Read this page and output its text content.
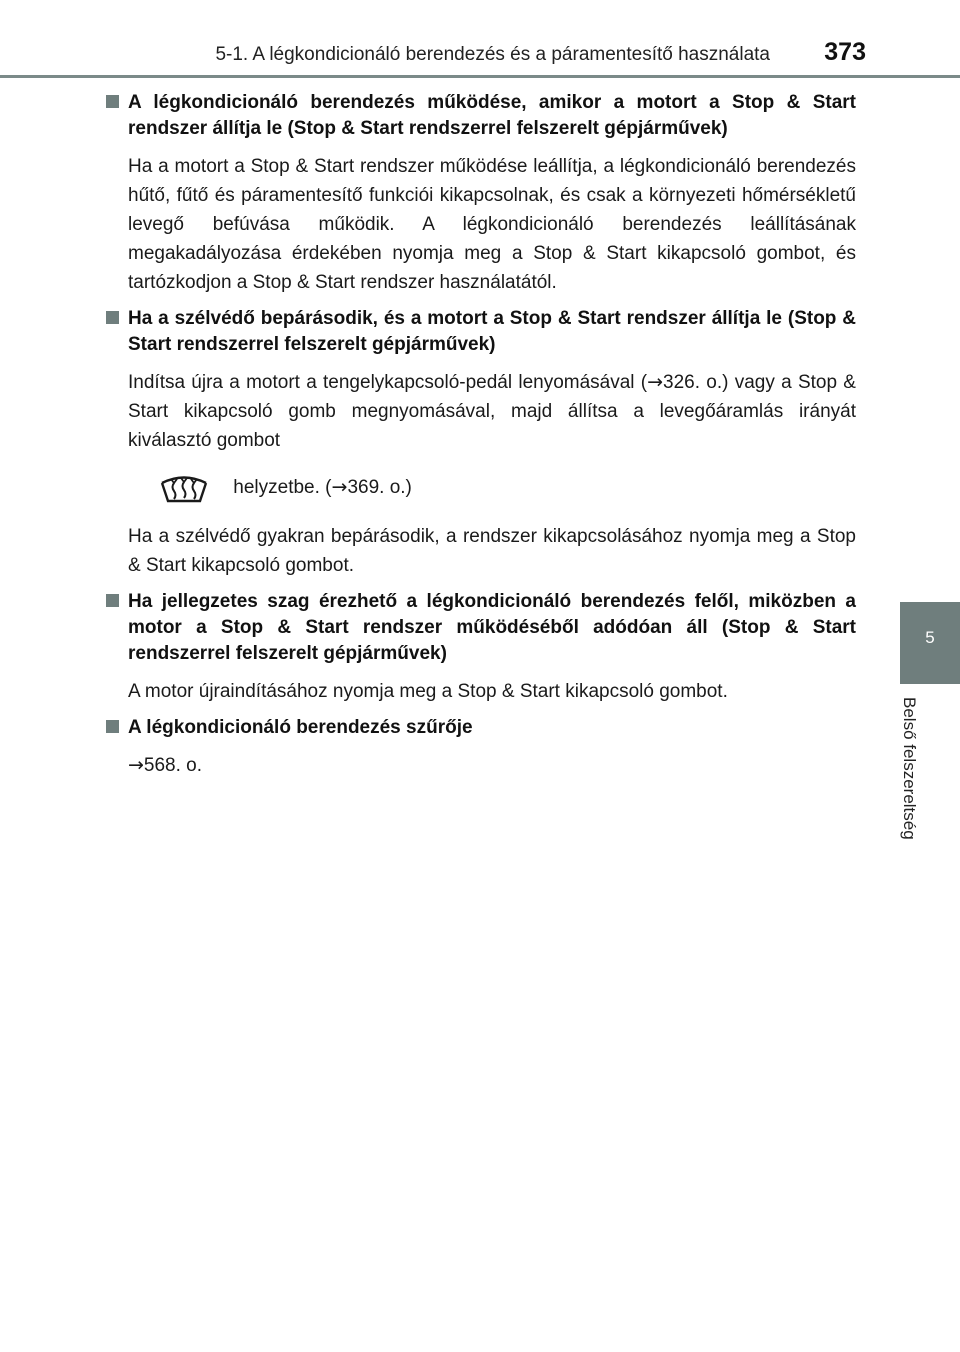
5-1. A légkondicionáló berendezés és a páramentesítő használata 373
5
Belső felszereltség
A légkondicionáló berendezés működése, amikor a motort a Stop & Start rendszer állítja le (Stop & Start rendszerrel felszerelt gépjárművek)
Ha a motort a Stop & Start rendszer működése leállítja, a légkondicionáló berendezés hűtő, fűtő és páramentesítő funkciói kikapcsolnak, és csak a környezeti hőmérsékletű levegő befúvása működik. A légkondicionáló berendezés leállításának megakadályozása érdekében nyomja meg a Stop & Start kikapcsoló gombot, és tartózkodjon a Stop & Start rendszer használatától.
Ha a szélvédő bepárásodik, és a motort a Stop & Start rendszer állítja le (Stop & Start rendszerrel felszerelt gépjárművek)
Indítsa újra a motort a tengelykapcsoló-pedál lenyomásával (→326. o.) vagy a Stop & Start kikapcsoló gomb megnyomásával, majd állítsa a levegőáramlás irányát kiválasztó gombot
helyzetbe. (→369. o.)
Ha a szélvédő gyakran bepárásodik, a rendszer kikapcsolásához nyomja meg a Stop & Start kikapcsoló gombot.
Ha jellegzetes szag érezhető a légkondicionáló berendezés felől, miközben a motor a Stop & Start rendszer működéséből adódóan áll (Stop & Start rendszerrel felszerelt gépjárművek)
A motor újraindításához nyomja meg a Stop & Start kikapcsoló gombot.
A légkondicionáló berendezés szűrője
→568. o.
